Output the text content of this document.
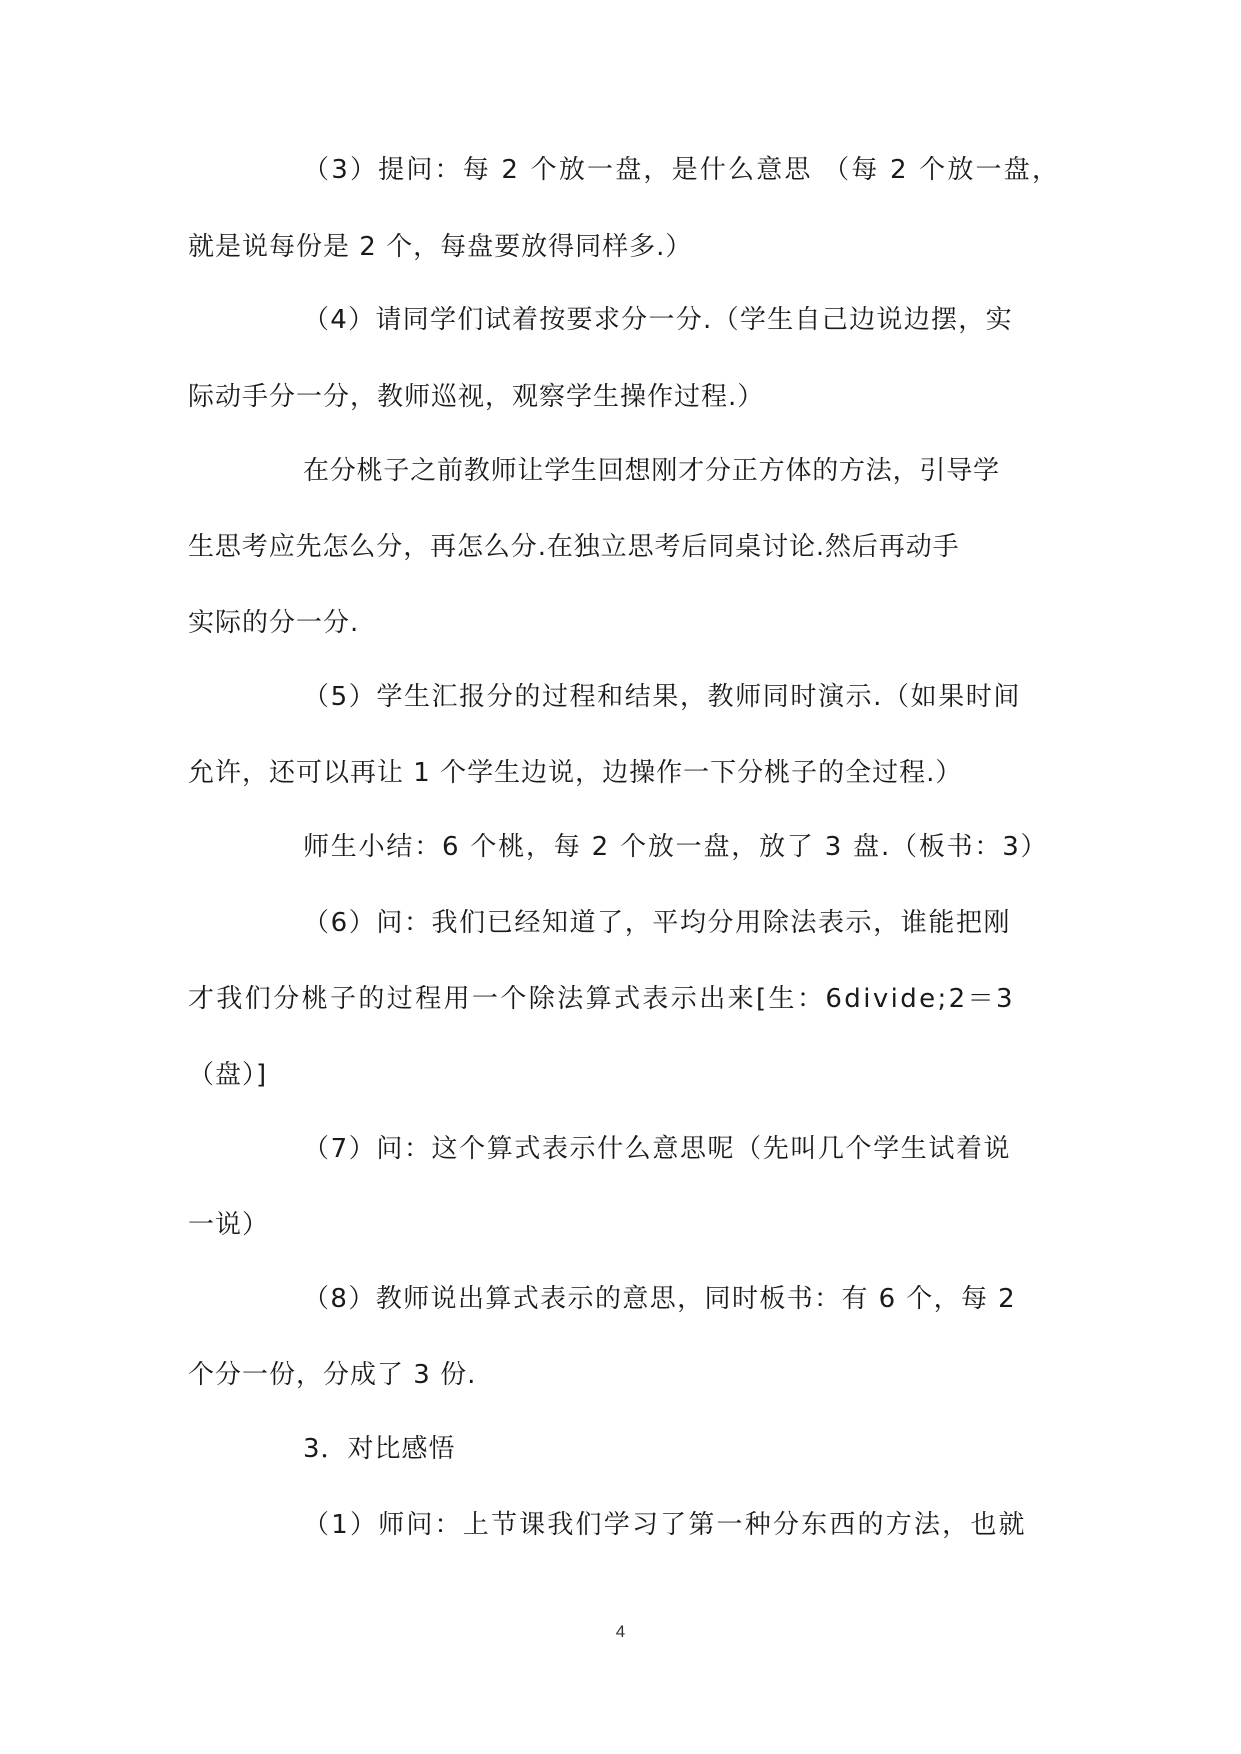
（3）提问：每 2 个放一盘，是什么意思 （每 2 个放一盘，
就是说每份是 2 个，每盘要放得同样多.）
（4）请同学们试着按要求分一分.（学生自己边说边摆，实
际动手分一分，教师巡视，观察学生操作过程.）
在分桃子之前教师让学生回想刚才分正方体的方法，引导学
生思考应先怎么分，再怎么分.在独立思考后同桌讨论.然后再动手
实际的分一分.
（5）学生汇报分的过程和结果，教师同时演示.（如果时间
允许，还可以再让 1 个学生边说，边操作一下分桃子的全过程.）
师生小结：6 个桃，每 2 个放一盘，放了 3 盘.（板书：3）
（6）问：我们已经知道了，平均分用除法表示，谁能把刚
才我们分桃子的过程用一个除法算式表示出来[生：6divide;2＝3
（盘）]
（7）问：这个算式表示什么意思呢（先叫几个学生试着说
一说）
（8）教师说出算式表示的意思，同时板书：有 6 个，每 2
个分一份，分成了 3 份.
3．对比感悟
（1）师问：上节课我们学习了第一种分东西的方法，也就
4
